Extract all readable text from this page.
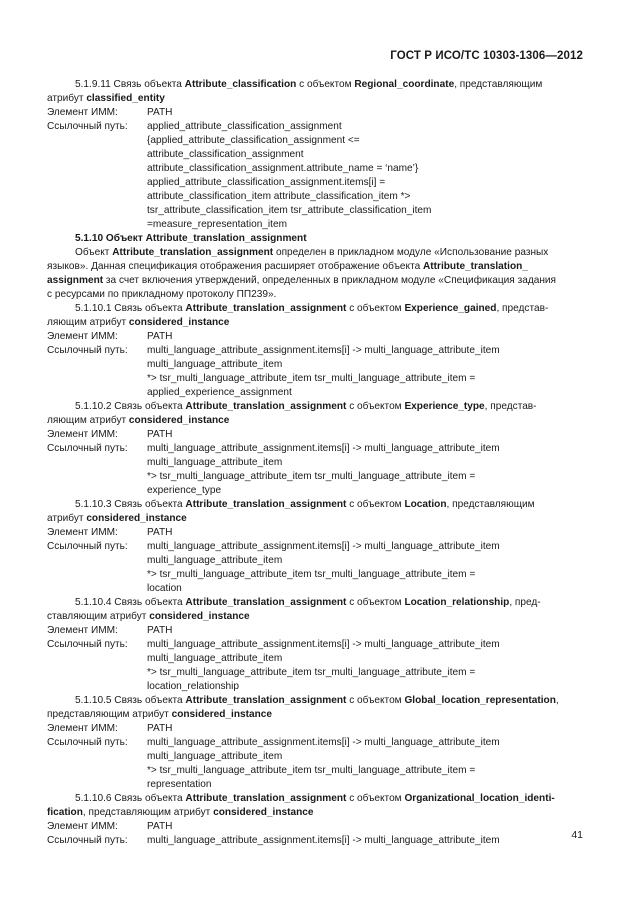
ГОСТ Р ИСО/ТС 10303-1306—2012

5.1.9.11 Связь объекта Attribute_classification с объектом Regional_coordinate, представляющим

атрибут classified_entity

Элемент ИММ:	PATH
Ссылочный путь:	applied_attribute_classification_assignment
{applied_attribute_classification_assignment <=
attribute_classification_assignment
attribute_classification_assignment.attribute_name = ‘name’}
applied_attribute_classification_assignment.items[i] =
attribute_classification_item attribute_classification_item *>
tsr_attribute_classification_item tsr_attribute_classification_item
=measure_representation_item

5.1.10 Объект Attribute_translation_assignment

Объект Attribute_translation_assignment определен в прикладном модуле «Использование разных

языков». Данная спецификация отображения расширяет отображение объекта Attribute_translation_

assignment за счет включения утверждений, определенных в прикладном модуле «Спецификация задания

с ресурсами по прикладному протоколу ПП239».

5.1.10.1 Связь объекта Attribute_translation_assignment с объектом Experience_gained, представ-

ляющим атрибут considered_instance

Элемент ИММ:	PATH
Ссылочный путь:	multi_language_attribute_assignment.items[i] -> multi_language_attribute_item
multi_language_attribute_item
*> tsr_multi_language_attribute_item tsr_multi_language_attribute_item =
applied_experience_assignment

5.1.10.2 Связь объекта Attribute_translation_assignment с объектом Experience_type, представ-

ляющим атрибут considered_instance

Элемент ИММ:	PATH
Ссылочный путь:	multi_language_attribute_assignment.items[i] -> multi_language_attribute_item
multi_language_attribute_item
*> tsr_multi_language_attribute_item tsr_multi_language_attribute_item =
experience_type

5.1.10.3 Связь объекта Attribute_translation_assignment с объектом Location, представляющим

атрибут considered_instance

Элемент ИММ:	PATH
Ссылочный путь:	multi_language_attribute_assignment.items[i] -> multi_language_attribute_item
multi_language_attribute_item
*> tsr_multi_language_attribute_item tsr_multi_language_attribute_item =
location

5.1.10.4 Связь объекта Attribute_translation_assignment с объектом Location_relationship, пред-

ставляющим атрибут considered_instance

Элемент ИММ:	PATH
Ссылочный путь:	multi_language_attribute_assignment.items[i] -> multi_language_attribute_item
multi_language_attribute_item
*> tsr_multi_language_attribute_item tsr_multi_language_attribute_item =
location_relationship

5.1.10.5 Связь объекта Attribute_translation_assignment с объектом Global_location_representation,

представляющим атрибут considered_instance

Элемент ИММ:	PATH
Ссылочный путь:	multi_language_attribute_assignment.items[i] -> multi_language_attribute_item
multi_language_attribute_item
*> tsr_multi_language_attribute_item tsr_multi_language_attribute_item =
representation

5.1.10.6 Связь объекта Attribute_translation_assignment с объектом Organizational_location_identi-

fication, представляющим атрибут considered_instance

Элемент ИММ:	PATH
Ссылочный путь:	multi_language_attribute_assignment.items[i] -> multi_language_attribute_item	41
